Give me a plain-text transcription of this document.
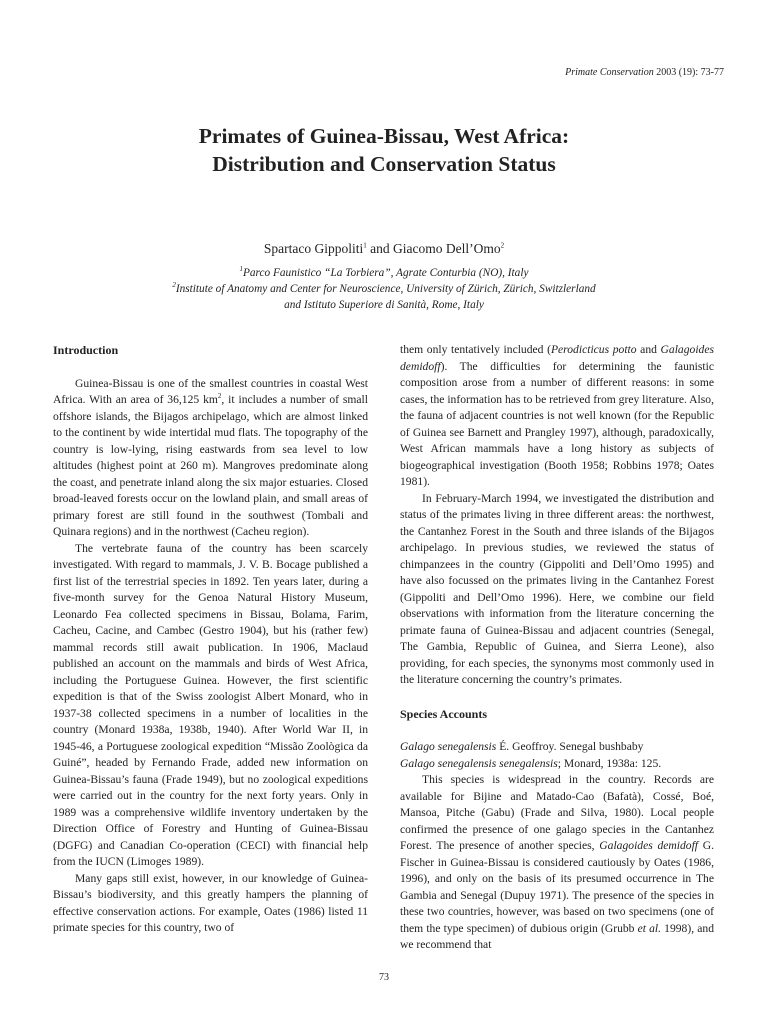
Primate Conservation 2003 (19): 73-77
Primates of Guinea-Bissau, West Africa:
Distribution and Conservation Status
Spartaco Gippoliti$^1$ and Giacomo Dell’Omo$^2$
$^1$Parco Faunistico “La Torbiera”, Agrate Conturbia (NO), Italy
$^2$Institute of Anatomy and Center for Neuroscience, University of Zürich, Zürich, Switzlerland
and Istituto Superiore di Sanità, Rome, Italy
Introduction

Guinea-Bissau is one of the smallest countries in coastal West Africa. With an area of 36,125 $km^2$, it includes a number of small offshore islands, the Bijagos archipelago, which are almost linked to the continent by wide intertidal mud flats. The topography of the country is low-lying, rising eastwards from sea level to low altitudes (highest point at 260 m). Mangroves predominate along the coast, and penetrate inland along the six major estuaries. Closed broad-leaved forests occur on the lowland plain, and small areas of primary forest are still found in the southwest (Tombali and Quinara regions) and in the northwest (Cacheu region).

The vertebrate fauna of the country has been scarcely investigated. With regard to mammals, J. V. B. Bocage published a first list of the terrestrial species in 1892. Ten years later, during a five-month survey for the Genoa Natural History Museum, Leonardo Fea collected specimens in Bissau, Bolama, Farim, Cacheu, Cacine, and Cambec (Gestro 1904), but his (rather few) mammal records still await publication. In 1906, Maclaud published an account on the mammals and birds of West Africa, including the Portuguese Guinea. However, the first scientific expedition is that of the Swiss zoologist Albert Monard, who in 1937-38 collected specimens in a number of localities in the country (Monard 1938a, 1938b, 1940). After World War II, in 1945-46, a Portuguese zoological expedition “Missão Zoològica da Guiné”, headed by Fernando Frade, added new information on Guinea-Bissau’s fauna (Frade 1949), but no zoological expeditions were carried out in the country for the next forty years. Only in 1989 was a comprehensive wildlife inventory undertaken by the Direction Office of Forestry and Hunting of Guinea-Bissau (DGFG) and Canadian Co-operation (CECI) with financial help from the IUCN (Limoges 1989).

Many gaps still exist, however, in our knowledge of Guinea-Bissau’s biodiversity, and this greatly hampers the planning of effective conservation actions. For example, Oates (1986) listed 11 primate species for this country, two of

them only tentatively included (Perodicticus potto and Galagoides demidoff). The difficulties for determining the faunistic composition arose from a number of different reasons: in some cases, the information has to be retrieved from grey literature. Also, the fauna of adjacent countries is not well known (for the Republic of Guinea see Barnett and Prangley 1997), although, paradoxically, West African mammals have a long history as subjects of biogeographical investigation (Booth 1958; Robbins 1978; Oates 1981).

In February-March 1994, we investigated the distribution and status of the primates living in three different areas: the northwest, the Cantanhez Forest in the South and three islands of the Bijagos archipelago. In previous studies, we reviewed the status of chimpanzees in the country (Gippoliti and Dell’Omo 1995) and have also focussed on the primates living in the Cantanhez Forest (Gippoliti and Dell’Omo 1996). Here, we combine our field observations with information from the literature concerning the primate fauna of Guinea-Bissau and adjacent countries (Senegal, The Gambia, Republic of Guinea, and Sierra Leone), also providing, for each species, the synonyms most commonly used in the literature concerning the country’s primates.

Species Accounts

Galago senegalensis É. Geoffroy. Senegal bushbaby

Galago senegalensis senegalensis; Monard, 1938a: 125.

This species is widespread in the country. Records are available for Bijine and Matado-Cao (Bafatà), Cossé, Boé, Mansoa, Pitche (Gabu) (Frade and Silva, 1980). Local people confirmed the presence of one galago species in the Cantanhez Forest. The presence of another species, Galagoides demidoff G. Fischer in Guinea-Bissau is considered cautiously by Oates (1986, 1996), and only on the basis of its presumed occurrence in The Gambia and Senegal (Dupuy 1971). The presence of the species in these two countries, however, was based on two specimens (one of them the type specimen) of dubious origin (Grubb et al. 1998), and we recommend that

73
